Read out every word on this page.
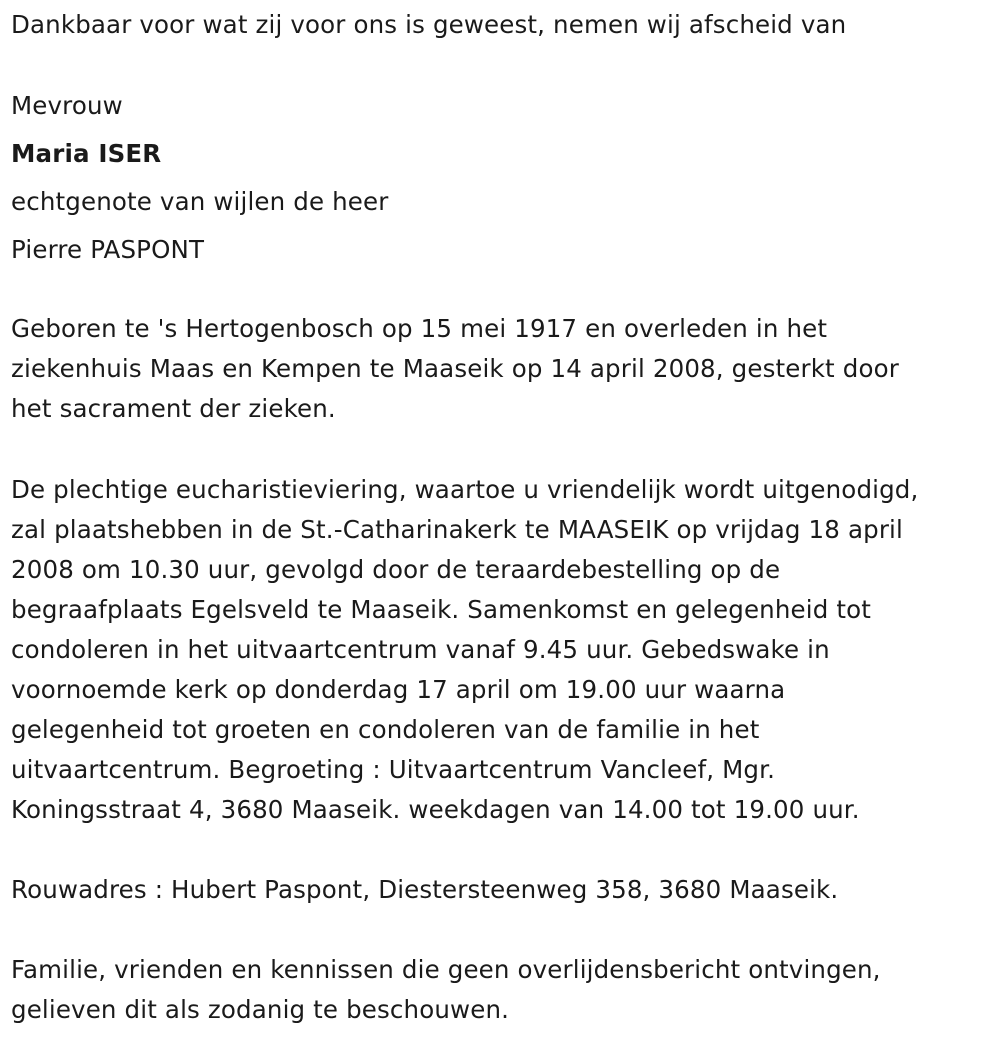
Dankbaar voor wat zij voor ons is geweest, nemen wij afscheid van

Mevrouw

Maria ISER

echtgenote van wijlen de heer

Pierre PASPONT

Geboren te 's Hertogenbosch op 15 mei 1917 en overleden in het

ziekenhuis Maas en Kempen te Maaseik op 14 april 2008, gesterkt door

het sacrament der zieken.

De plechtige eucharistieviering, waartoe u vriendelijk wordt uitgenodigd,

zal plaatshebben in de St.-Catharinakerk te MAASEIK op vrijdag 18 april

2008 om 10.30 uur, gevolgd door de teraardebestelling op de

begraafplaats Egelsveld te Maaseik. Samenkomst en gelegenheid tot

condoleren in het uitvaartcentrum vanaf 9.45 uur. Gebedswake in

voornoemde kerk op donderdag 17 april om 19.00 uur waarna

gelegenheid tot groeten en condoleren van de familie in het

uitvaartcentrum. Begroeting : Uitvaartcentrum Vancleef, Mgr.

Koningsstraat 4, 3680 Maaseik. weekdagen van 14.00 tot 19.00 uur.

Rouwadres : Hubert Paspont, Diestersteenweg 358, 3680 Maaseik.

Familie, vrienden en kennissen die geen overlijdensbericht ontvingen,

gelieven dit als zodanig te beschouwen.
